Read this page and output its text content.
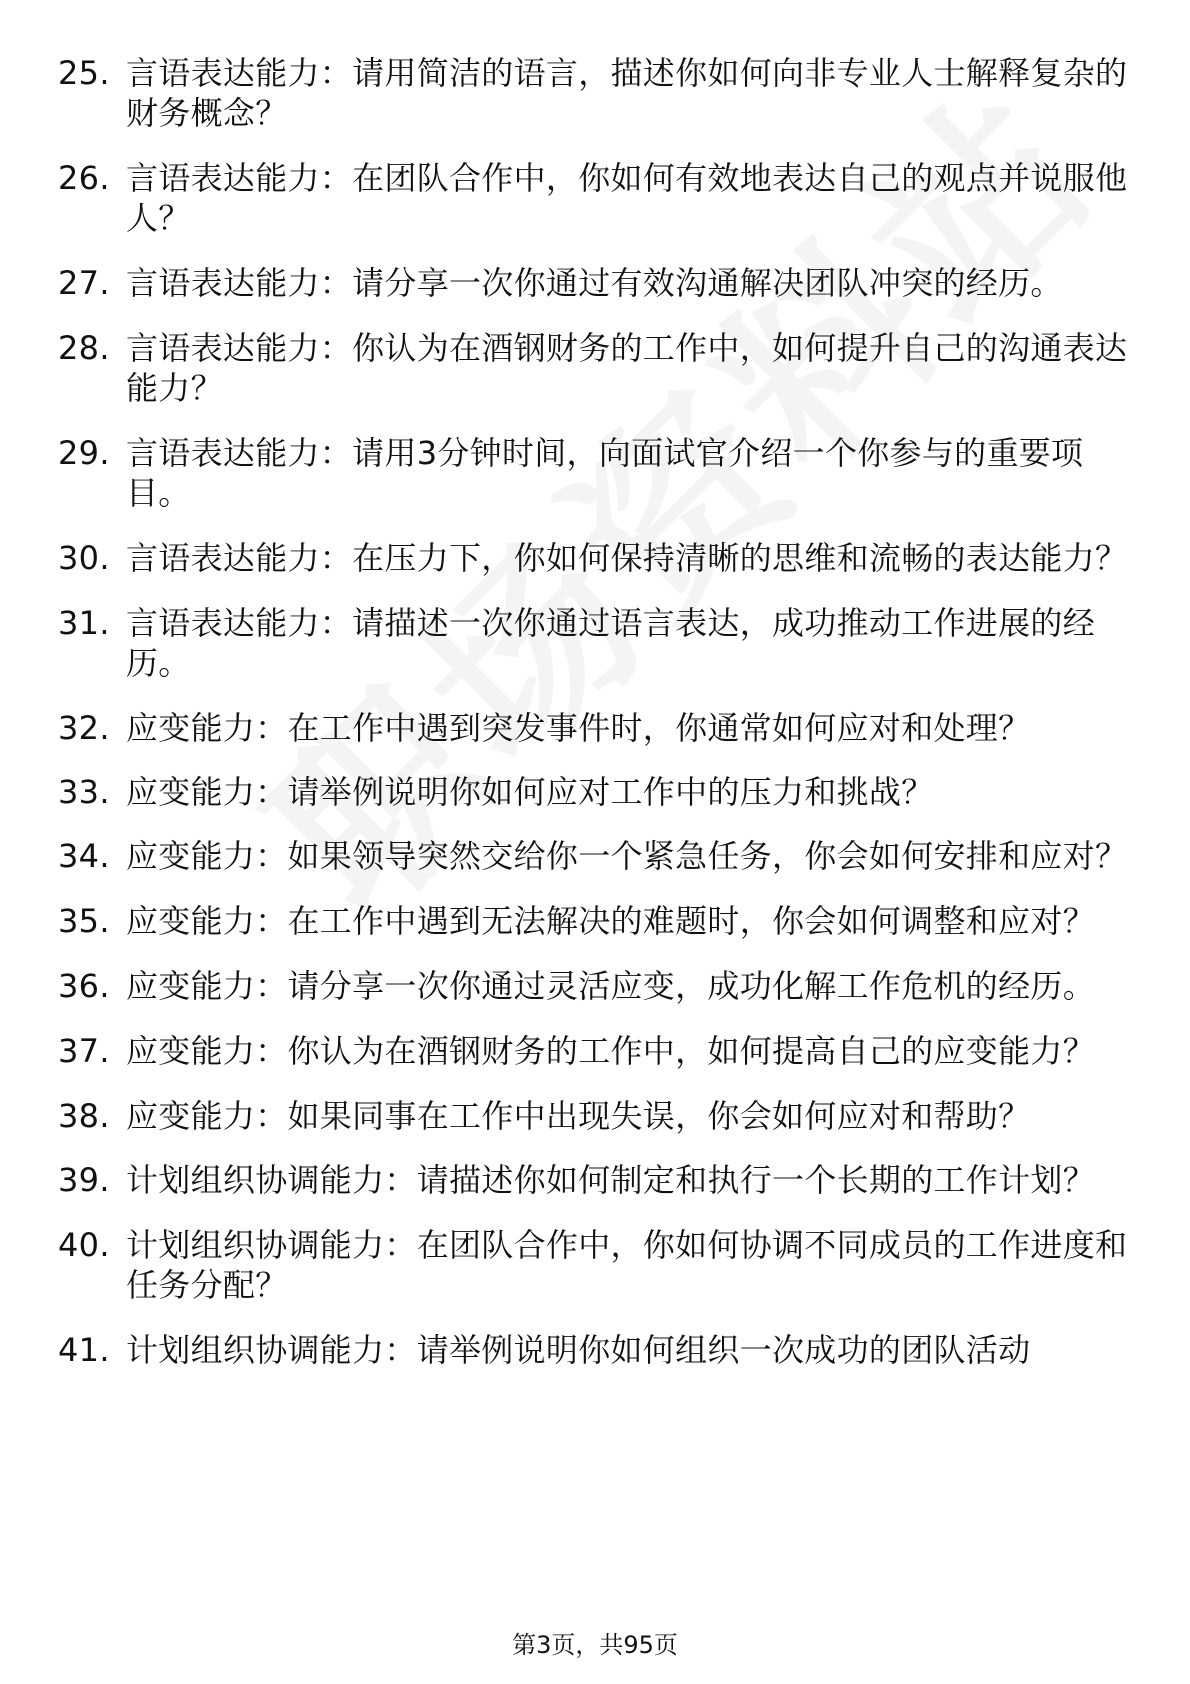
25. 言语表达能力：请用简洁的语言，描述你如何向非专业人士解释复杂的财务概念？
26. 言语表达能力：在团队合作中，你如何有效地表达自己的观点并说服他人？
27. 言语表达能力：请分享一次你通过有效沟通解决团队冲突的经历。
28. 言语表达能力：你认为在酒钢财务的工作中，如何提升自己的沟通表达能力？
29. 言语表达能力：请用3分钟时间，向面试官介绍一个你参与的重要项目。
30. 言语表达能力：在压力下，你如何保持清晰的思维和流畅的表达能力？
31. 言语表达能力：请描述一次你通过语言表达，成功推动工作进展的经历。
32. 应变能力：在工作中遇到突发事件时，你通常如何应对和处理？
33. 应变能力：请举例说明你如何应对工作中的压力和挑战？
34. 应变能力：如果领导突然交给你一个紧急任务，你会如何安排和应对？
35. 应变能力：在工作中遇到无法解决的难题时，你会如何调整和应对？
36. 应变能力：请分享一次你通过灵活应变，成功化解工作危机的经历。
37. 应变能力：你认为在酒钢财务的工作中，如何提高自己的应变能力？
38. 应变能力：如果同事在工作中出现失误，你会如何应对和帮助？
39. 计划组织协调能力：请描述你如何制定和执行一个长期的工作计划？
40. 计划组织协调能力：在团队合作中，你如何协调不同成员的工作进度和任务分配？
41. 计划组织协调能力：请举例说明你如何组织一次成功的团队活动
第3页，共95页
